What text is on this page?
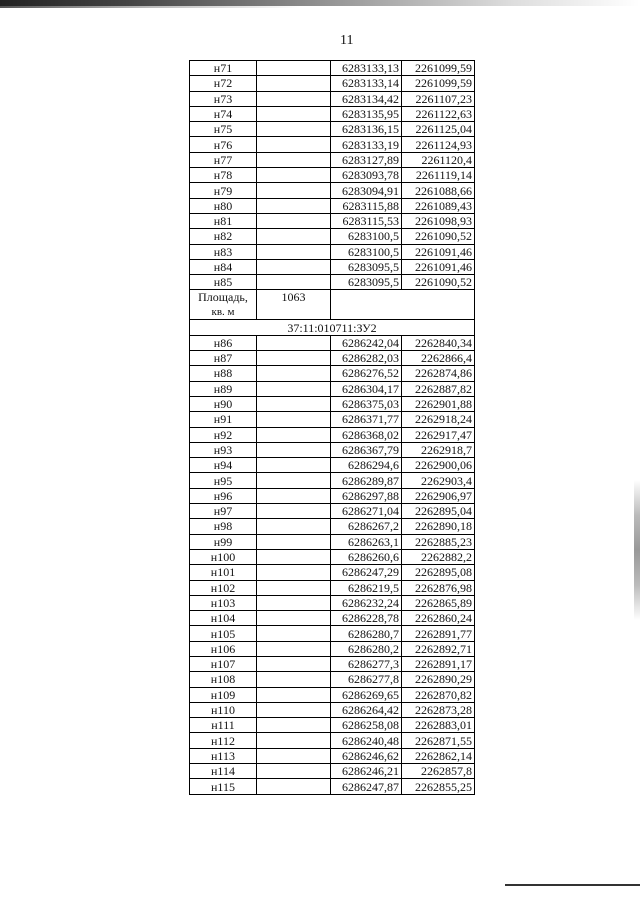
11
н71		6283133,13	2261099,59
н72		6283133,14	2261099,59
н73		6283134,42	2261107,23
н74		6283135,95	2261122,63
н75		6283136,15	2261125,04
н76		6283133,19	2261124,93
н77		6283127,89	2261120,4
н78		6283093,78	2261119,14
н79		6283094,91	2261088,66
н80		6283115,88	2261089,43
н81		6283115,53	2261098,93
н82		6283100,5	2261090,52
н83		6283100,5	2261091,46
н84		6283095,5	2261091,46
н85		6283095,5	2261090,52
Площадь,
кв. м	1063		
37:11:010711:ЗУ2			
н86		6286242,04	2262840,34
н87		6286282,03	2262866,4
н88		6286276,52	2262874,86
н89		6286304,17	2262887,82
н90		6286375,03	2262901,88
н91		6286371,77	2262918,24
н92		6286368,02	2262917,47
н93		6286367,79	2262918,7
н94		6286294,6	2262900,06
н95		6286289,87	2262903,4
н96		6286297,88	2262906,97
н97		6286271,04	2262895,04
н98		6286267,2	2262890,18
н99		6286263,1	2262885,23
н100		6286260,6	2262882,2
н101		6286247,29	2262895,08
н102		6286219,5	2262876,98
н103		6286232,24	2262865,89
н104		6286228,78	2262860,24
н105		6286280,7	2262891,77
н106		6286280,2	2262892,71
н107		6286277,3	2262891,17
н108		6286277,8	2262890,29
н109		6286269,65	2262870,82
н110		6286264,42	2262873,28
н111		6286258,08	2262883,01
н112		6286240,48	2262871,55
н113		6286246,62	2262862,14
н114		6286246,21	2262857,8
н115		6286247,87	2262855,25
